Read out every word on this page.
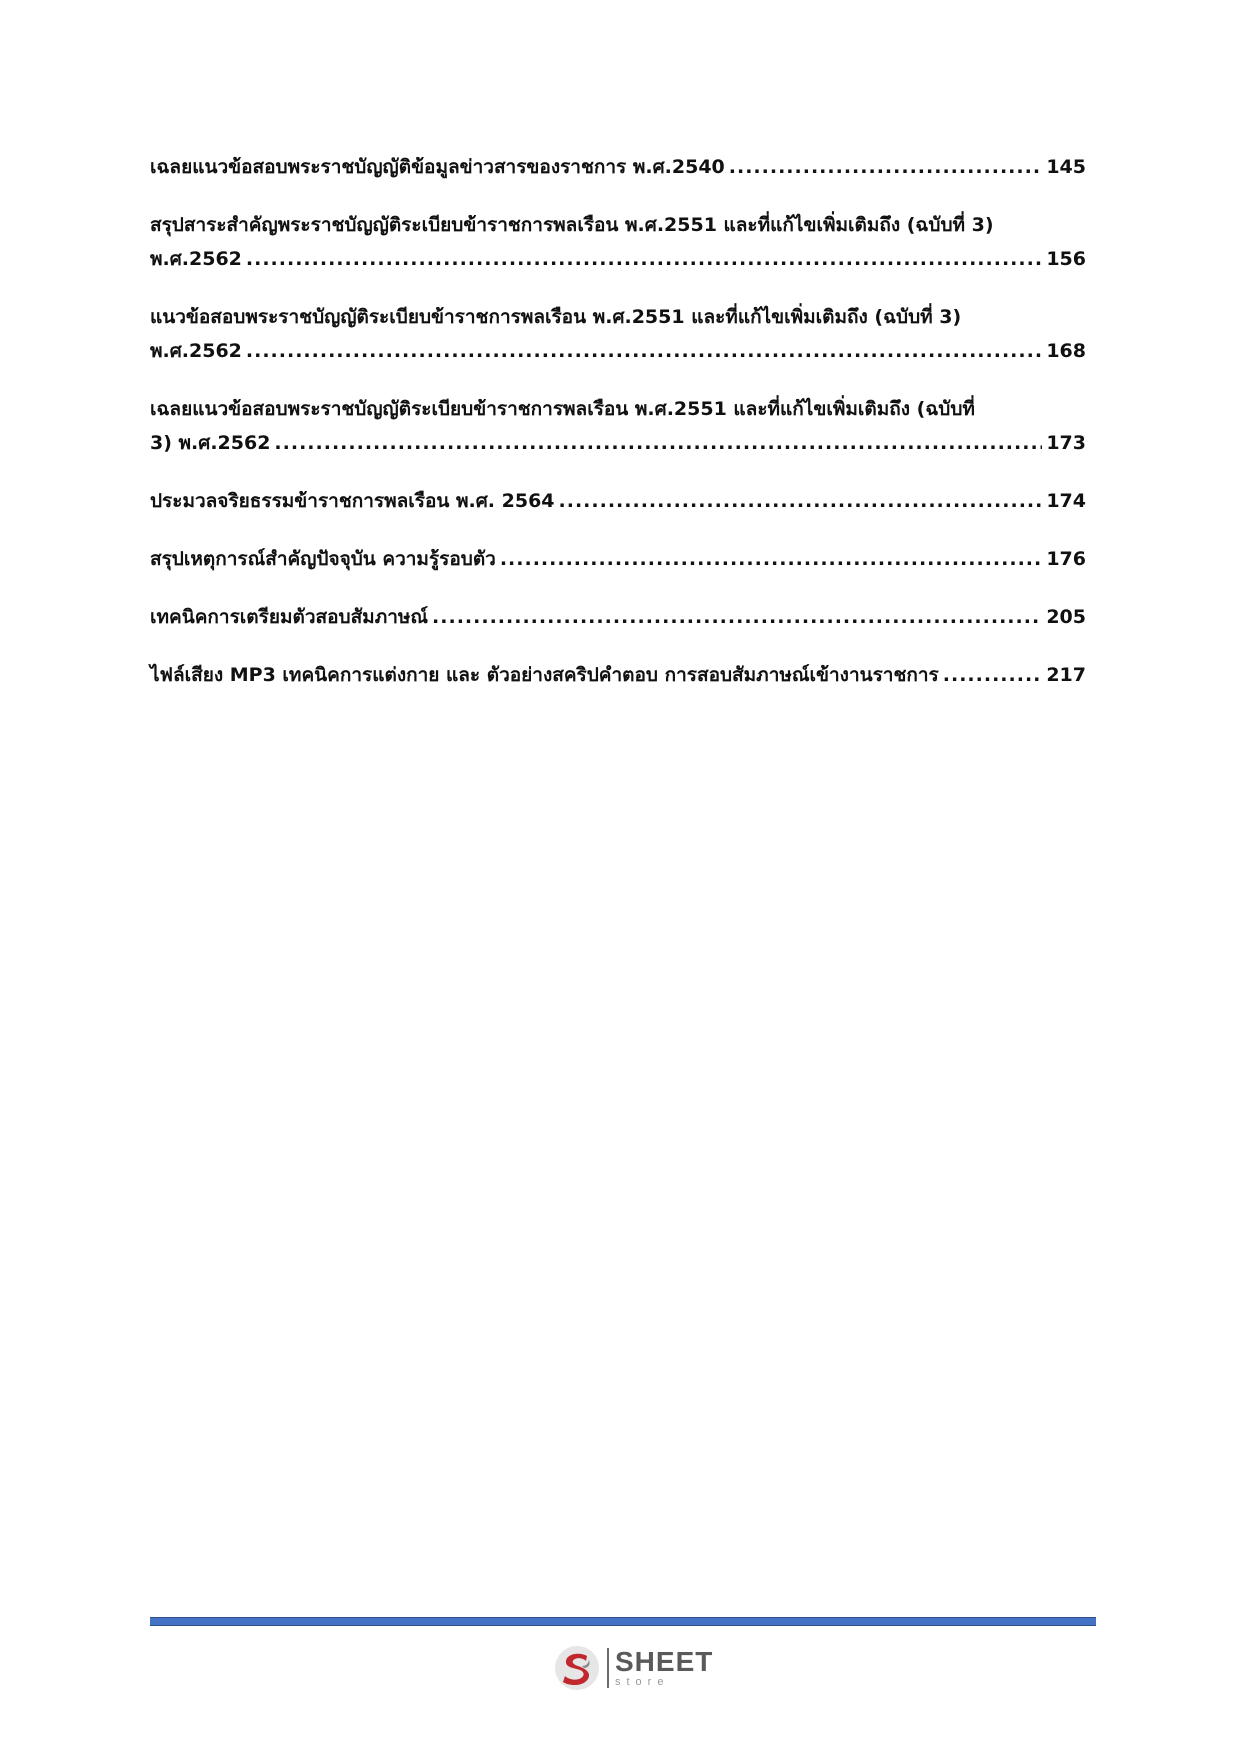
เฉลยแนวข้อสอบพระราชบัญญัติข้อมูลข่าวสารของราชการ พ.ศ.2540 .....	145
สรุปสาระสำคัญพระราชบัญญัติระเบียบข้าราชการพลเรือน พ.ศ.2551 และที่แก้ไขเพิ่มเติมถึง (ฉบับที่ 3)
พ.ศ.2562 .....	156
แนวข้อสอบพระราชบัญญัติระเบียบข้าราชการพลเรือน พ.ศ.2551 และที่แก้ไขเพิ่มเติมถึง (ฉบับที่ 3)
พ.ศ.2562 .....	168
เฉลยแนวข้อสอบพระราชบัญญัติระเบียบข้าราชการพลเรือน พ.ศ.2551 และที่แก้ไขเพิ่มเติมถึง (ฉบับที่
3) พ.ศ.2562 .....	173
ประมวลจริยธรรมข้าราชการพลเรือน พ.ศ. 2564 .....	174
สรุปเหตุการณ์สำคัญปัจจุบัน ความรู้รอบตัว .....	176
เทคนิคการเตรียมตัวสอบสัมภาษณ์ .....	205
ไฟล์เสียง MP3 เทคนิคการแต่งกาย และ ตัวอย่างสคริปคำตอบ การสอบสัมภาษณ์เข้างานราชการ .....	217
SHEET
store
